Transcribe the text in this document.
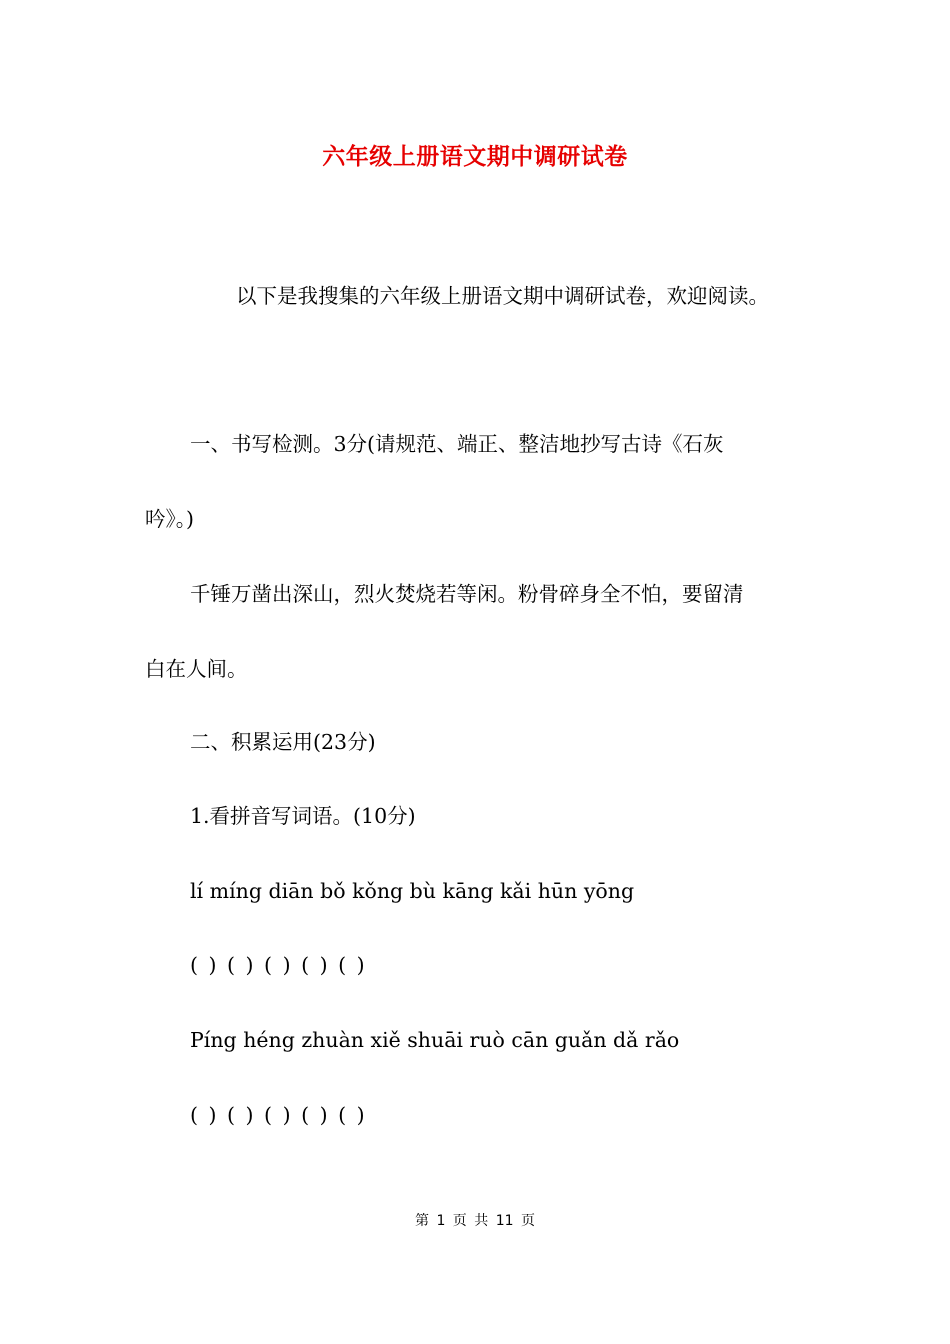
六年级上册语文期中调研试卷
以下是我搜集的六年级上册语文期中调研试卷，欢迎阅读。
一、书写检测。3分(请规范、端正、整洁地抄写古诗《石灰
吟》。)
千锤万凿出深山，烈火焚烧若等闲。粉骨碎身全不怕，要留清
白在人间。
二、积累运用(23分)
1.看拼音写词语。(10分)
lí míng diān bǒ kǒng bù kāng kǎi hūn yōng
( ) ( ) ( ) ( ) ( )
Píng héng zhuàn xiě shuāi ruò cān guǎn dǎ rǎo
( ) ( ) ( ) ( ) ( )
第 1 页 共 11 页
